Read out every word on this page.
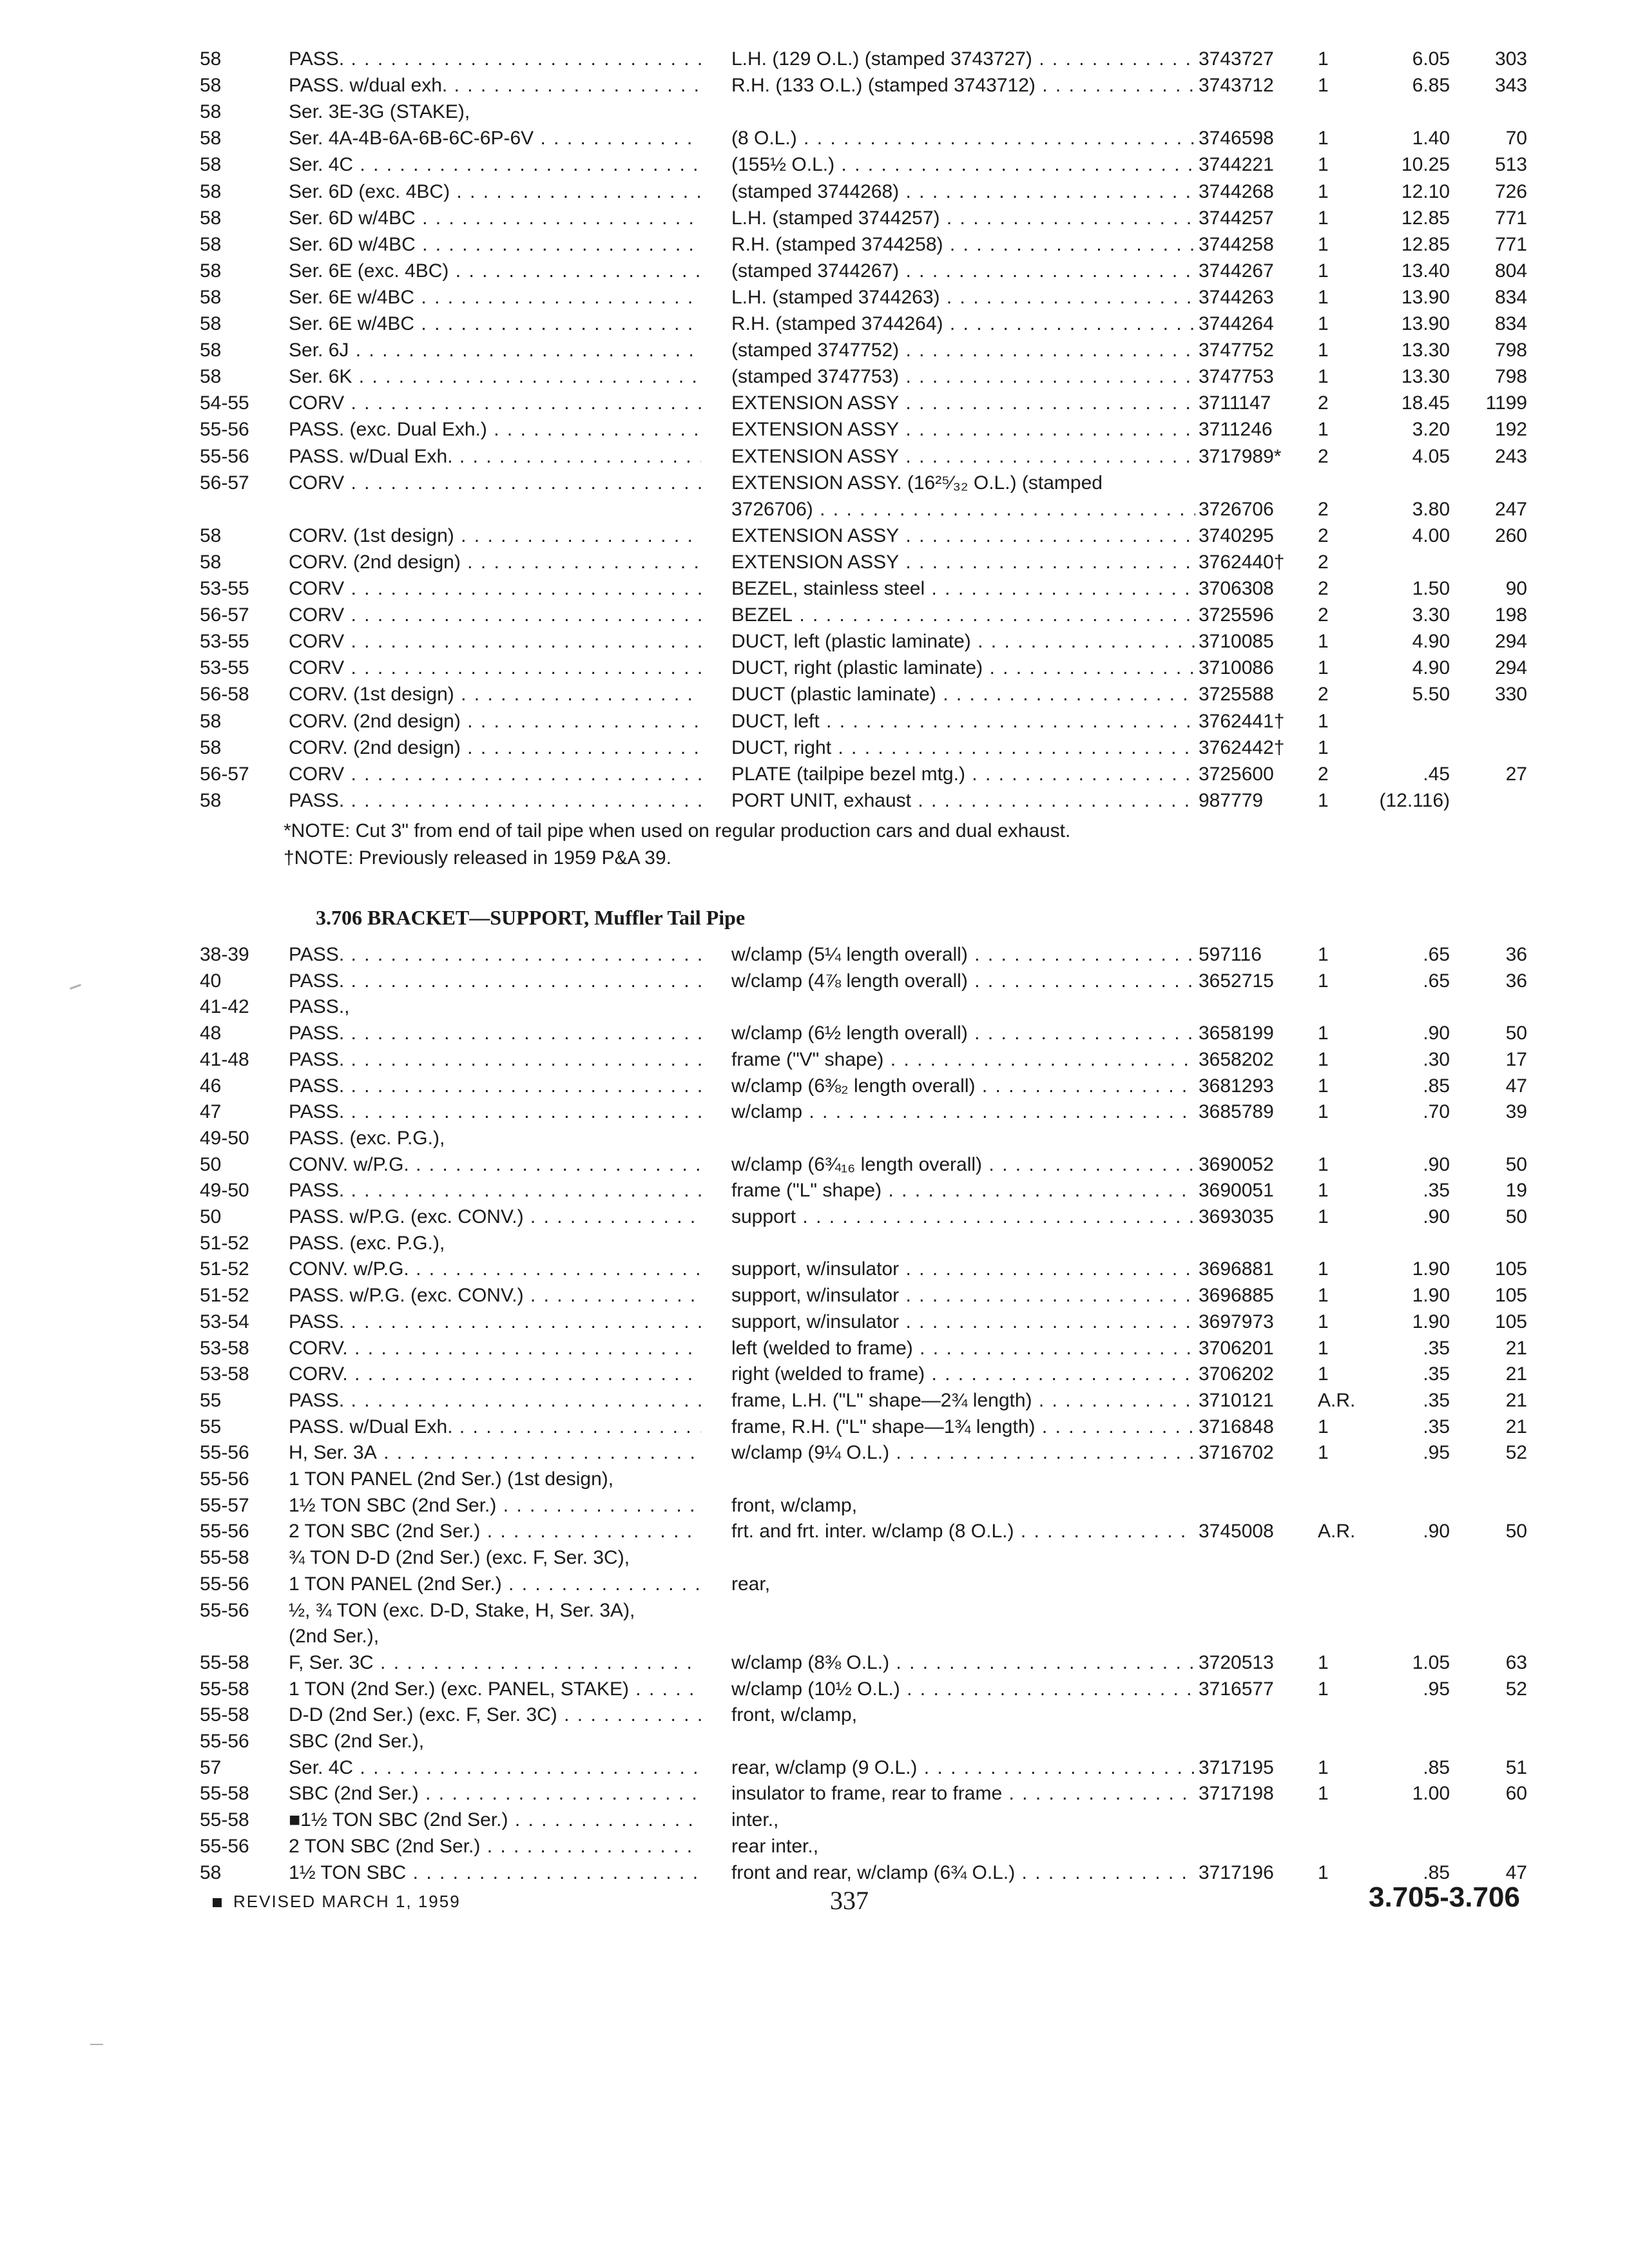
58	PASS. . . .	L.H. (129 O.L.) (stamped 3743727) . . .	3743727	1	6.05	303
58	PASS. w/dual exh. . . .	R.H. (133 O.L.) (stamped 3743712) . . .	3743712	1	6.85	343
58	Ser. 3E-3G (STAKE),
58	Ser. 4A-4B-6A-6B-6C-6P-6V . . .	(8 O.L.) . . .	3746598	1	1.40	70
58	Ser. 4C . . .	(155½ O.L.) . . .	3744221	1	10.25	513
58	Ser. 6D (exc. 4BC) . . .	(stamped 3744268) . . .	3744268	1	12.10	726
58	Ser. 6D w/4BC . . .	L.H. (stamped 3744257) . . .	3744257	1	12.85	771
58	Ser. 6D w/4BC . . .	R.H. (stamped 3744258) . . .	3744258	1	12.85	771
58	Ser. 6E (exc. 4BC) . . .	(stamped 3744267) . . .	3744267	1	13.40	804
58	Ser. 6E w/4BC . . .	L.H. (stamped 3744263) . . .	3744263	1	13.90	834
58	Ser. 6E w/4BC . . .	R.H. (stamped 3744264) . . .	3744264	1	13.90	834
58	Ser. 6J . . .	(stamped 3747752) . . .	3747752	1	13.30	798
58	Ser. 6K . . .	(stamped 3747753) . . .	3747753	1	13.30	798
54-55	CORV . . .	EXTENSION ASSY . . .	3711147	2	18.45	1199
55-56	PASS. (exc. Dual Exh.) . . .	EXTENSION ASSY . . .	3711246	1	3.20	192
55-56	PASS. w/Dual Exh. . . .	EXTENSION ASSY . . .	3717989*	2	4.05	243
56-57	CORV . . .	EXTENSION ASSY. (16²⁵⁄₃₂ O.L.) (stamped
3726706) . . .	3726706	2	3.80	247
58	CORV. (1st design) . . .	EXTENSION ASSY . . .	3740295	2	4.00	260
58	CORV. (2nd design) . . .	EXTENSION ASSY . . .	3762440†	2
53-55	CORV . . .	BEZEL, stainless steel . . .	3706308	2	1.50	90
56-57	CORV . . .	BEZEL . . .	3725596	2	3.30	198
53-55	CORV . . .	DUCT, left (plastic laminate) . . .	3710085	1	4.90	294
53-55	CORV . . .	DUCT, right (plastic laminate) . . .	3710086	1	4.90	294
56-58	CORV. (1st design) . . .	DUCT (plastic laminate) . . .	3725588	2	5.50	330
58	CORV. (2nd design) . . .	DUCT, left . . .	3762441†	1
58	CORV. (2nd design) . . .	DUCT, right . . .	3762442†	1
56-57	CORV . . .	PLATE (tailpipe bezel mtg.) . . .	3725600	2	.45	27
58	PASS. . . .	PORT UNIT, exhaust . . .	987779	1	(12.116)
*NOTE: Cut 3" from end of tail pipe when used on regular production cars and dual exhaust.
†NOTE: Previously released in 1959 P&A 39.
3.706 BRACKET—SUPPORT, Muffler Tail Pipe
38-39	PASS. . . .	w/clamp (5¼ length overall) . . .	597116	1	.65	36
40	PASS. . . .	w/clamp (4⅞ length overall) . . .	3652715	1	.65	36
41-42	PASS.,
48	PASS. . . .	w/clamp (6½ length overall) . . .	3658199	1	.90	50
41-48	PASS. . . .	frame ("V" shape) . . .	3658202	1	.30	17
46	PASS. . . .	w/clamp (6⅜₂ length overall) . . .	3681293	1	.85	47
47	PASS. . . .	w/clamp . . .	3685789	1	.70	39
49-50	PASS. (exc. P.G.),
50	CONV. w/P.G. . . .	w/clamp (6¾₁₆ length overall) . . .	3690052	1	.90	50
49-50	PASS. . . .	frame ("L" shape) . . .	3690051	1	.35	19
50	PASS. w/P.G. (exc. CONV.) . . .	support . . .	3693035	1	.90	50
51-52	PASS. (exc. P.G.),
51-52	CONV. w/P.G. . . .	support, w/insulator . . .	3696881	1	1.90	105
51-52	PASS. w/P.G. (exc. CONV.) . . .	support, w/insulator . . .	3696885	1	1.90	105
53-54	PASS. . . .	support, w/insulator . . .	3697973	1	1.90	105
53-58	CORV. . . .	left (welded to frame) . . .	3706201	1	.35	21
53-58	CORV. . . .	right (welded to frame) . . .	3706202	1	.35	21
55	PASS. . . .	frame, L.H. ("L" shape—2¾ length) . . .	3710121	A.R.	.35	21
55	PASS. w/Dual Exh. . . .	frame, R.H. ("L" shape—1¾ length) . . .	3716848	1	.35	21
55-56	H, Ser. 3A . . .	w/clamp (9¼ O.L.) . . .	3716702	1	.95	52
55-56	1 TON PANEL (2nd Ser.) (1st design),
55-57	1½ TON SBC (2nd Ser.) . . .	front, w/clamp,
55-56	2 TON SBC (2nd Ser.) . . .	frt. and frt. inter. w/clamp (8 O.L.) . . .	3745008	A.R.	.90	50
55-58	¾ TON D-D (2nd Ser.) (exc. F, Ser. 3C),
55-56	1 TON PANEL (2nd Ser.) . . .	rear,
55-56	½, ¾ TON (exc. D-D, Stake, H, Ser. 3A),
(2nd Ser.),
55-58	F, Ser. 3C . . .	w/clamp (8⅜ O.L.) . . .	3720513	1	1.05	63
55-58	1 TON (2nd Ser.) (exc. PANEL, STAKE) . . .	w/clamp (10½ O.L.) . . .	3716577	1	.95	52
55-58	D-D (2nd Ser.) (exc. F, Ser. 3C) . . .	front, w/clamp,
55-56	SBC (2nd Ser.),
57	Ser. 4C . . .	rear, w/clamp (9 O.L.) . . .	3717195	1	.85	51
55-58	SBC (2nd Ser.) . . .	insulator to frame, rear to frame . . .	3717198	1	1.00	60
55-58	■1½ TON SBC (2nd Ser.) . . .	inter.,
55-56	2 TON SBC (2nd Ser.) . . .	rear inter.,
58	1½ TON SBC . . .	front and rear, w/clamp (6¾ O.L.) . . .	3717196	1	.85	47
REVISED MARCH 1, 1959	337	3.705-3.706
